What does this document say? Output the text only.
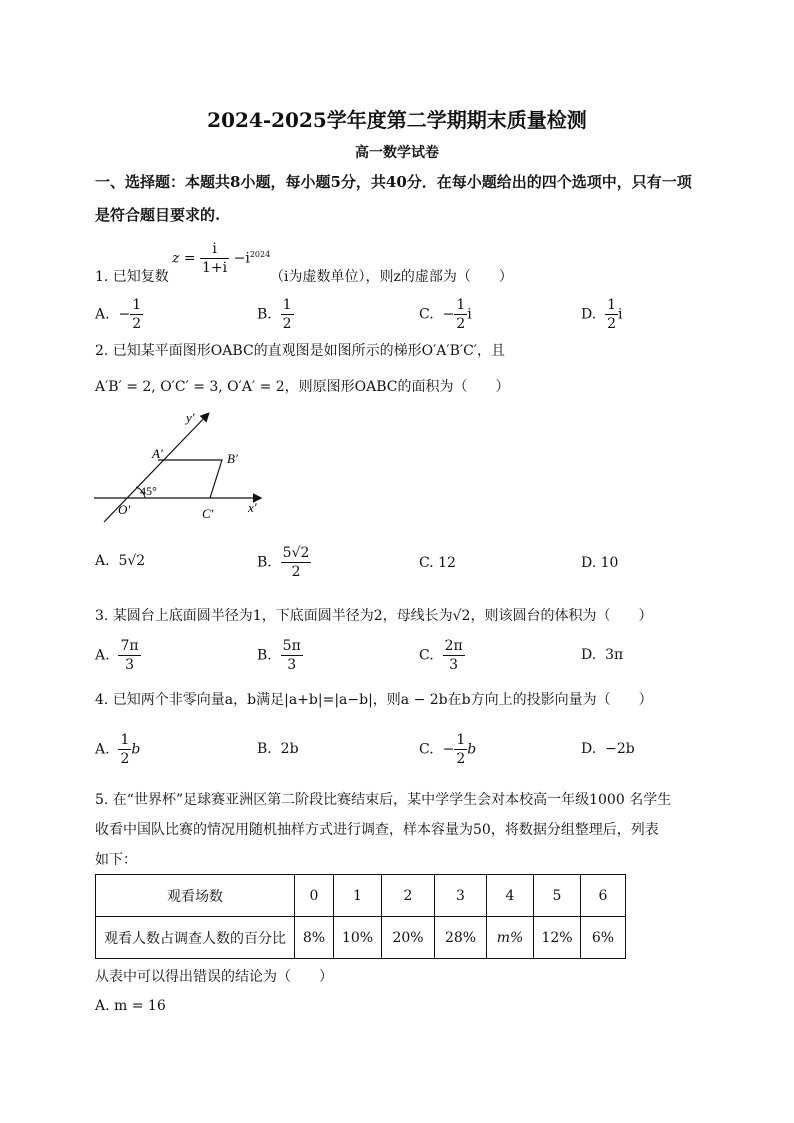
2024-2025学年度第二学期期末质量检测
高一数学试卷
一、选择题：本题共8小题，每小题5分，共40分．在每小题给出的四个选项中，只有一项
是符合题目要求的.
$z = \frac{i}{1+i} -i^{2024}$
1. 已知复数	（i为虚数单位），则z的虚部为（　　）
A. − $\frac{1}{2}$	B. $\frac{1}{2}$	C. − $\frac{1}{2}$ i	D. $\frac{1}{2}$ i
2. 已知某平面图形OABC的直观图是如图所示的梯形O′A′B′C′，且
A′B′ = 2, O′C′ = 3, O′A′ = 2，则原图形OABC的面积为（　　）
y′
A′	B′
45°
O′	C′	x′
A. 5√2	B. $\frac{5√2}{2}$	C. 12	D. 10
3. 某圆台上底面圆半径为1，下底面圆半径为2，母线长为√2，则该圆台的体积为（　　）
A. $\frac{7\pi}{3}$	B. $\frac{5\pi}{3}$	C. $\frac{2\pi}{3}$	D. 3π
4. 已知两个非零向量a，b满足|a+b|=|a−b|，则a − 2b在b方向上的投影向量为（　　）
A. $\frac{1}{2}$ b	B. 2b	C. − $\frac{1}{2}$ b	D. −2b
5. 在“世界杯”足球赛亚洲区第二阶段比赛结束后，某中学学生会对本校高一年级1000 名学生
收看中国队比赛的情况用随机抽样方式进行调查，样本容量为50，将数据分组整理后，列表
如下：
观看场数	0	1	2	3	4	5	6
观看人数占调查人数的百分比	8%	10%	20%	28%	m%	12%	6%
从表中可以得出错误的结论为（　　）
A. m = 16
